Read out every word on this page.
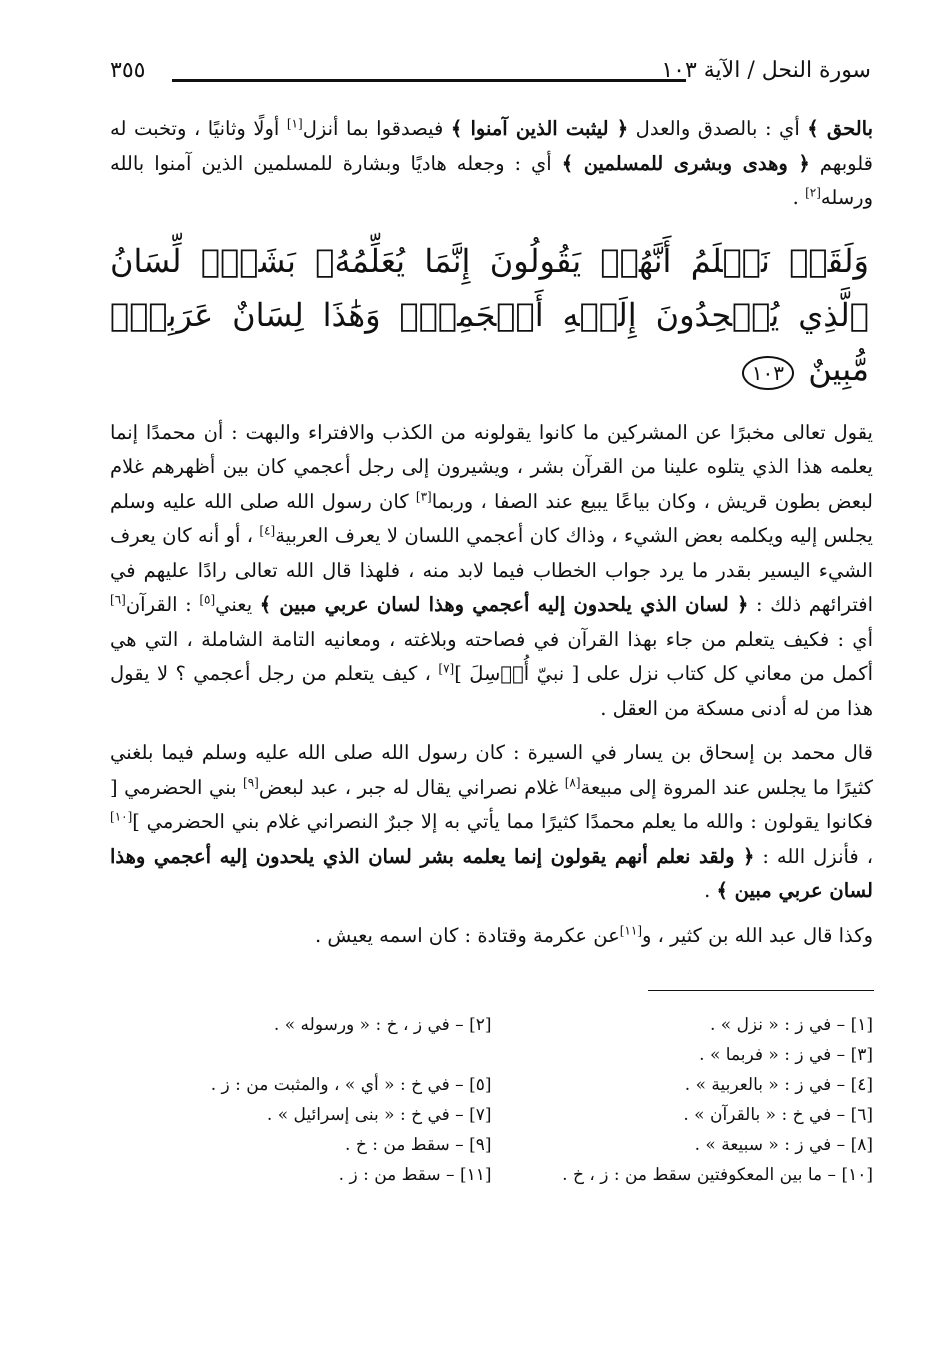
سورة النحل / الآية ١٠٣
٣٥٥

بالحق ﴾ أي : بالصدق والعدل ﴿ ليثبت الذين آمنوا ﴾ فيصدقوا بما أنزل[١] أولًا وثانيًا ، وتخبت له قلوبهم ﴿ وهدى وبشرى للمسلمين ﴾ أي : وجعله هاديًا وبشارة للمسلمين الذين آمنوا بالله ورسله[٢] .

وَلَقَدۡ نَعۡلَمُ أَنَّهُمۡ يَقُولُونَ إِنَّمَا يُعَلِّمُهُۥ بَشَرٞۗ لِّسَانُ ٱلَّذِي يُلۡحِدُونَ إِلَيۡهِ أَعۡجَمِيّٞ وَهَٰذَا لِسَانٌ عَرَبِيّٞ مُّبِينٌ ١٠٣

يقول تعالى مخبرًا عن المشركين ما كانوا يقولونه من الكذب والافتراء والبهت : أن محمدًا إنما يعلمه هذا الذي يتلوه علينا من القرآن بشر ، ويشيرون إلى رجل أعجمي كان بين أظهرهم غلام لبعض بطون قريش ، وكان بياعًا يبيع عند الصفا ، وربما[٣] كان رسول الله صلى الله عليه وسلم يجلس إليه ويكلمه بعض الشيء ، وذاك كان أعجمي اللسان لا يعرف العربية[٤] ، أو أنه كان يعرف الشيء اليسير بقدر ما يرد جواب الخطاب فيما لابد منه ، فلهذا قال الله تعالى رادًا عليهم في افترائهم ذلك : ﴿ لسان الذي يلحدون إليه أعجمي وهذا لسان عربي مبين ﴾ يعني[٥] : القرآن[٦] أي : فكيف يتعلم من جاء بهذا القرآن في فصاحته وبلاغته ، ومعانيه التامة الشاملة ، التي هي أكمل من معاني كل كتاب نزل على [ نبيّ أُرۡسِلَ ][٧] ، كيف يتعلم من رجل أعجمي ؟ لا يقول هذا من له أدنى مسكة من العقل .

قال محمد بن إسحاق بن يسار في السيرة : كان رسول الله صلى الله عليه وسلم فيما بلغني كثيرًا ما يجلس عند المروة إلى مبيعة[٨] غلام نصراني يقال له جبر ، عبد لبعض[٩] بني الحضرمي [ فكانوا يقولون : والله ما يعلم محمدًا كثيرًا مما يأتي به إلا جبرٌ النصراني غلام بني الحضرمي ][١٠] ، فأنزل الله : ﴿ ولقد نعلم أنهم يقولون إنما يعلمه بشر لسان الذي يلحدون إليه أعجمي وهذا لسان عربي مبين ﴾ .

وكذا قال عبد الله بن كثير ، و[١١]عن عكرمة وقتادة : كان اسمه يعيش .

[١] – في ز : « نزل » .
[٢] – في ز ، خ : « ورسوله » .
[٣] – في ز : « فربما » .
[٤] – في ز : « بالعربية » .
[٥] – في خ : « أي » ، والمثبت من : ز .
[٦] – في خ : « بالقرآن » .
[٧] – في خ : « بنى إسرائيل » .
[٨] – في ز : « سبيعة » .
[٩] – سقط من : خ .
[١٠] – ما بين المعكوفتين سقط من : ز ، خ .
[١١] – سقط من : ز .
